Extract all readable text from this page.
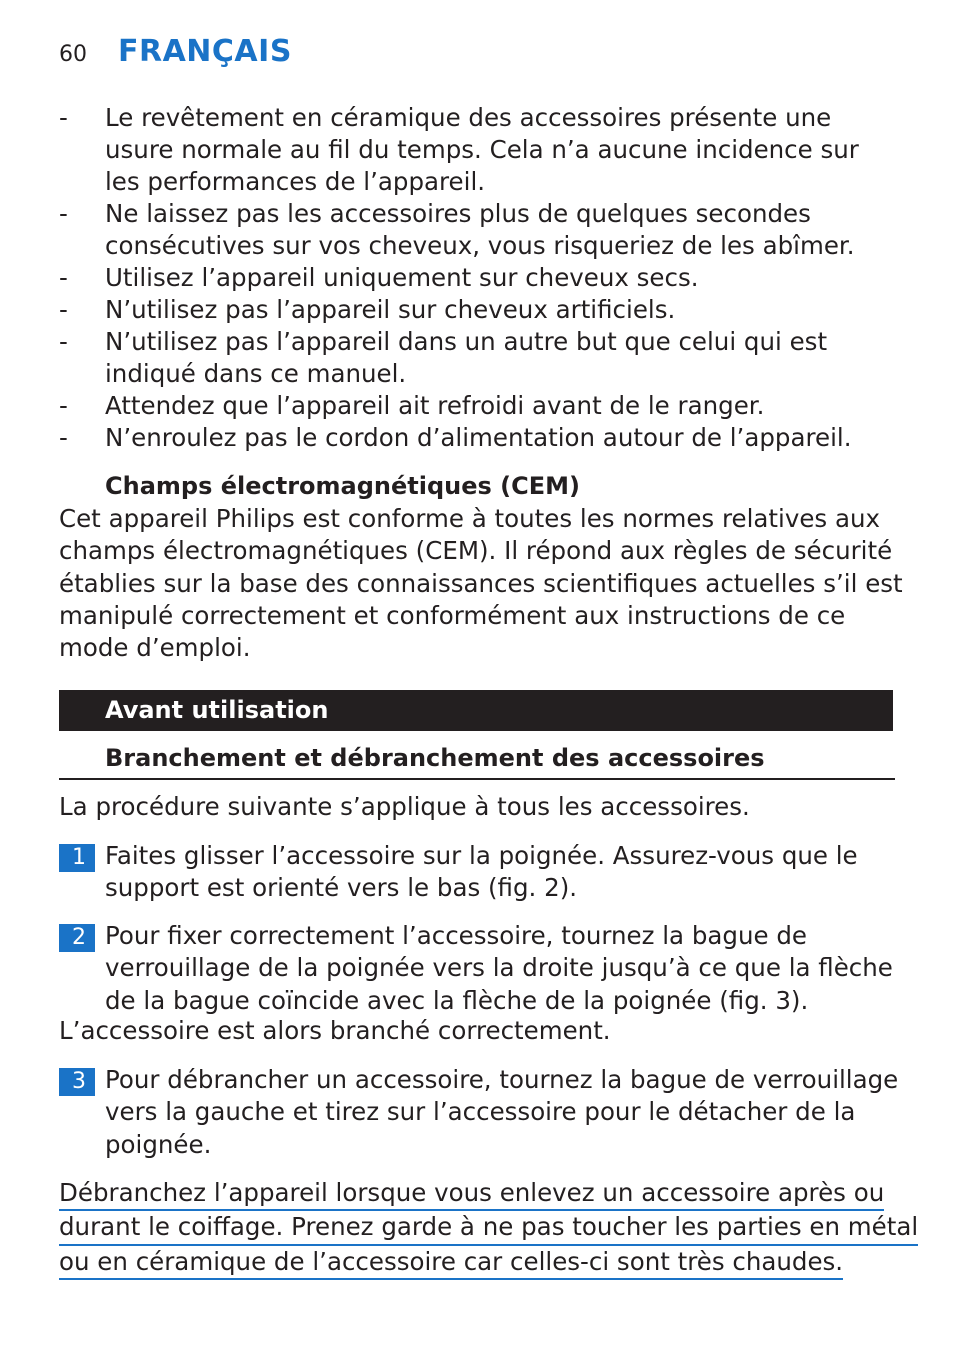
60 FRANÇAIS
- Le revêtement en céramique des accessoires présente une usure normale au fil du temps. Cela n’a aucune incidence sur les performances de l’appareil.
- Ne laissez pas les accessoires plus de quelques secondes consécutives sur vos cheveux, vous risqueriez de les abîmer.
- Utilisez l’appareil uniquement sur cheveux secs.
- N’utilisez pas l’appareil sur cheveux artificiels.
- N’utilisez pas l’appareil dans un autre but que celui qui est indiqué dans ce manuel.
- Attendez que l’appareil ait refroidi avant de le ranger.
- N’enroulez pas le cordon d’alimentation autour de l’appareil.
Champs électromagnétiques (CEM)

Cet appareil Philips est conforme à toutes les normes relatives aux champs électromagnétiques (CEM). Il répond aux règles de sécurité établies sur la base des connaissances scientifiques actuelles s’il est manipulé correctement et conformément aux instructions de ce mode d’emploi.

Avant utilisation
Branchement et débranchement des accessoires

La procédure suivante s’applique à tous les accessoires.

1 Faites glisser l’accessoire sur la poignée. Assurez-vous que le support est orienté vers le bas (fig. 2).
2 Pour fixer correctement l’accessoire, tournez la bague de verrouillage de la poignée vers la droite jusqu’à ce que la flèche de la bague coïncide avec la flèche de la poignée (fig. 3).

L’accessoire est alors branché correctement.

3 Pour débrancher un accessoire, tournez la bague de verrouillage vers la gauche et tirez sur l’accessoire pour le détacher de la poignée.
Débranchez l’appareil lorsque vous enlevez un accessoire après ou
durant le coiffage. Prenez garde à ne pas toucher les parties en métal
ou en céramique de l’accessoire car celles-ci sont très chaudes.
